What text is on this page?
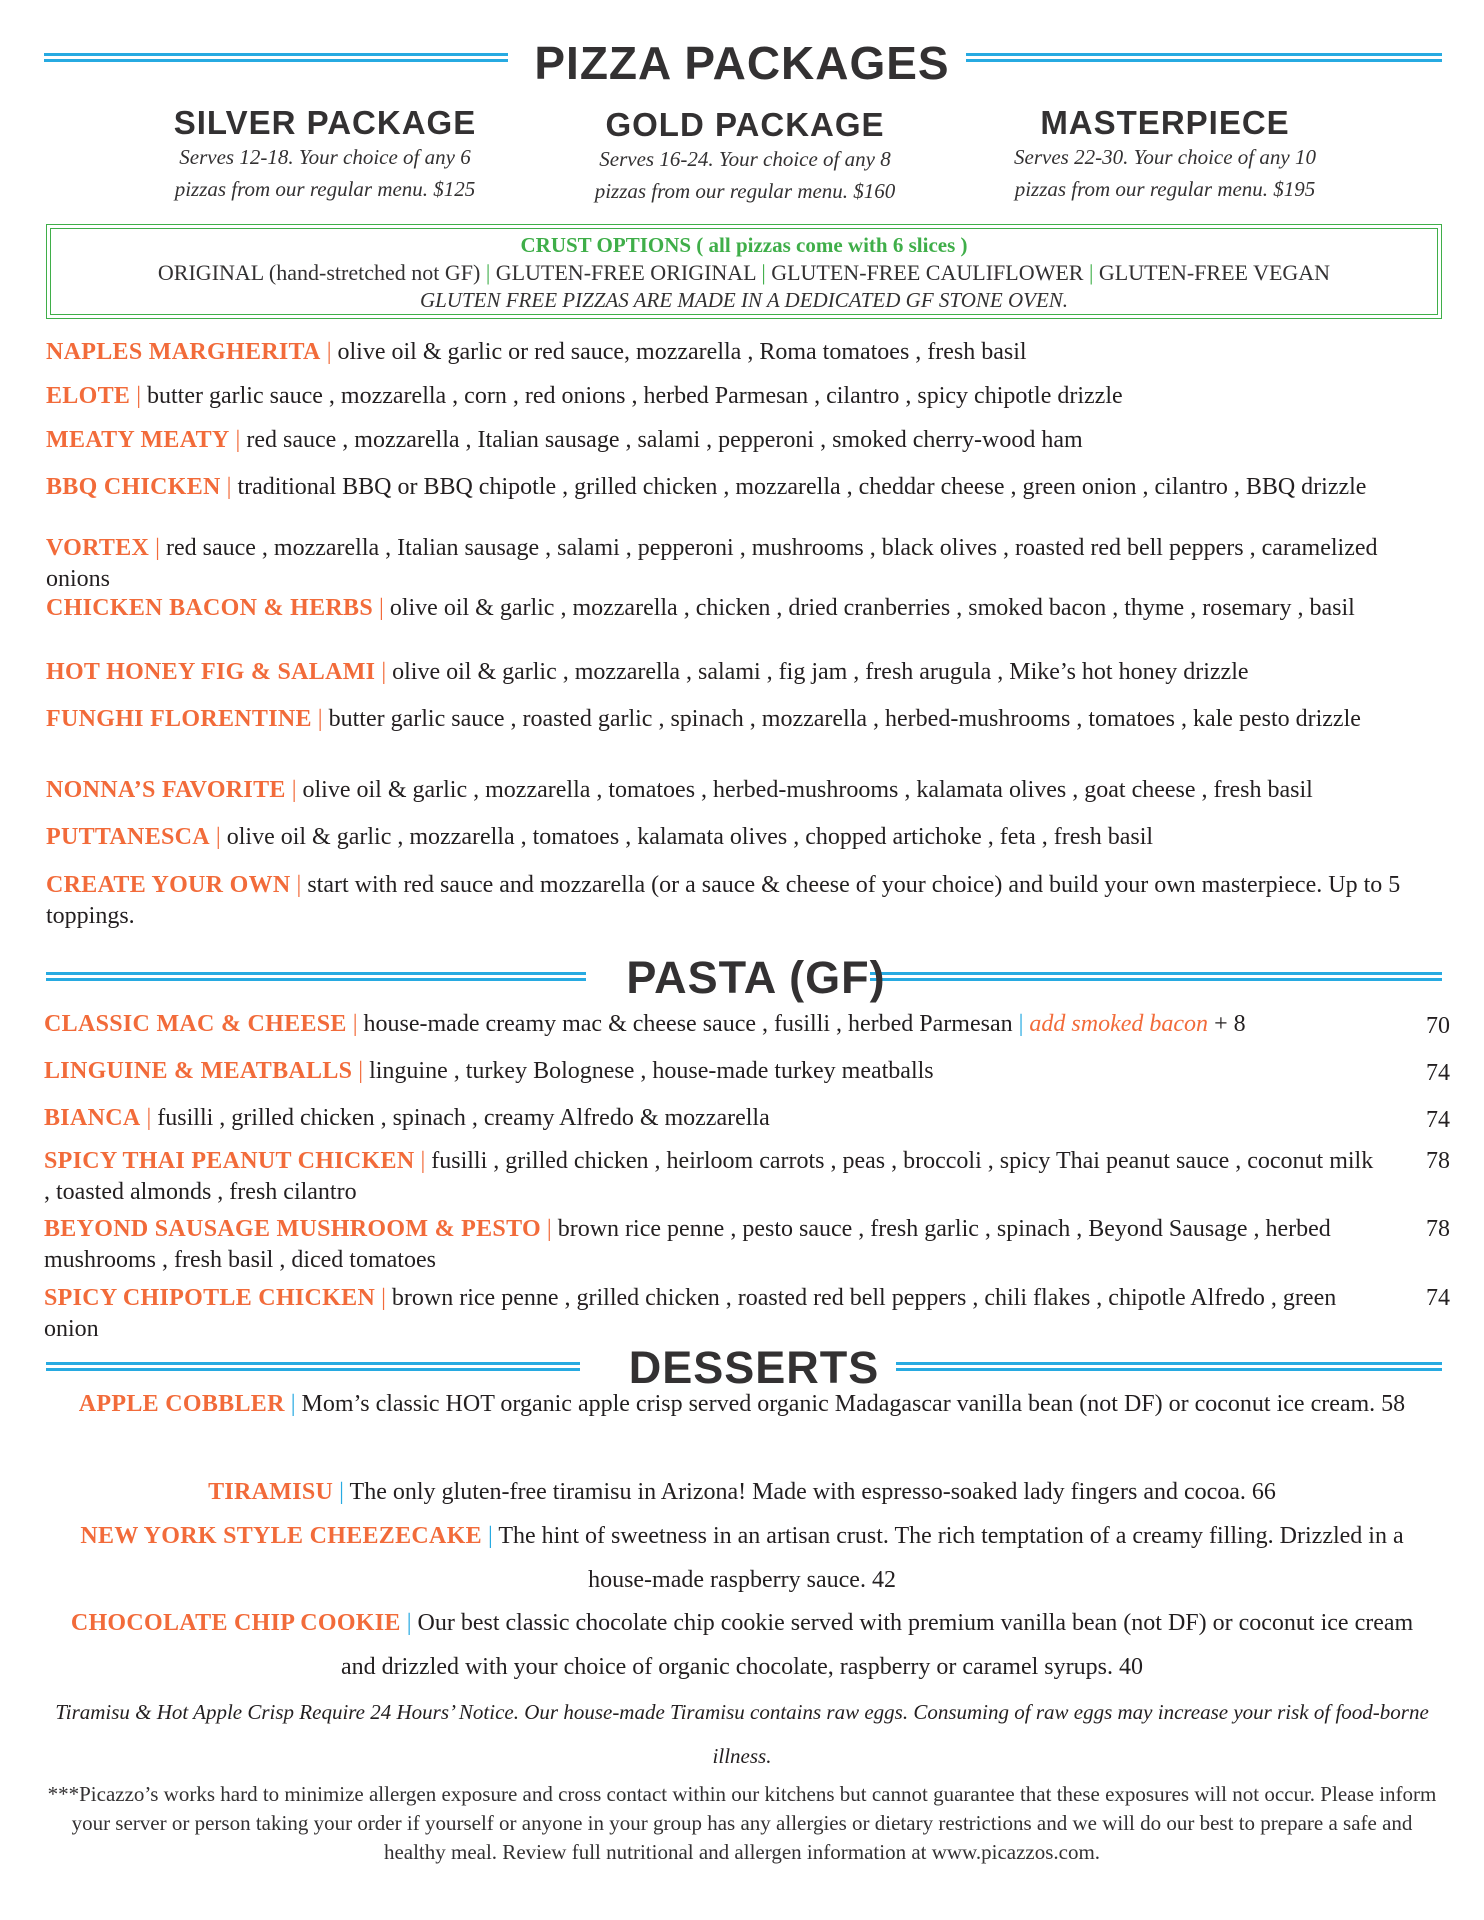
PIZZA PACKAGES
SILVER PACKAGE
Serves 12-18. Your choice of any 6
pizzas from our regular menu. $125
GOLD PACKAGE
Serves 16-24. Your choice of any 8
pizzas from our regular menu. $160
MASTERPIECE
Serves 22-30. Your choice of any 10
pizzas from our regular menu. $195
CRUST OPTIONS ( all pizzas come with 6 slices )
ORIGINAL (hand-stretched not GF) | GLUTEN-FREE ORIGINAL | GLUTEN-FREE CAULIFLOWER | GLUTEN-FREE VEGAN
GLUTEN FREE PIZZAS ARE MADE IN A DEDICATED GF STONE OVEN.
NAPLES MARGHERITA | olive oil & garlic or red sauce, mozzarella , Roma tomatoes , fresh basil
ELOTE | butter garlic sauce , mozzarella , corn , red onions , herbed Parmesan , cilantro , spicy chipotle drizzle
MEATY MEATY | red sauce , mozzarella , Italian sausage , salami , pepperoni , smoked cherry-wood ham
BBQ CHICKEN | traditional BBQ or BBQ chipotle , grilled chicken , mozzarella , cheddar cheese , green onion , cilantro , BBQ drizzle
VORTEX | red sauce , mozzarella , Italian sausage , salami , pepperoni , mushrooms , black olives , roasted red bell peppers , caramelized onions
CHICKEN BACON & HERBS | olive oil & garlic , mozzarella , chicken , dried cranberries , smoked bacon , thyme , rosemary , basil
HOT HONEY FIG & SALAMI | olive oil & garlic , mozzarella , salami , fig jam , fresh arugula , Mike’s hot honey drizzle
FUNGHI FLORENTINE | butter garlic sauce , roasted garlic , spinach , mozzarella , herbed-mushrooms , tomatoes , kale pesto drizzle
NONNA’S FAVORITE | olive oil & garlic , mozzarella , tomatoes , herbed-mushrooms , kalamata olives , goat cheese , fresh basil
PUTTANESCA | olive oil & garlic , mozzarella , tomatoes , kalamata olives , chopped artichoke , feta , fresh basil
CREATE YOUR OWN | start with red sauce and mozzarella (or a sauce & cheese of your choice) and build your own masterpiece. Up to 5 toppings.
PASTA (GF)
CLASSIC MAC & CHEESE | house-made creamy mac & cheese sauce , fusilli , herbed Parmesan | add smoked bacon + 8	70
LINGUINE & MEATBALLS | linguine , turkey Bolognese , house-made turkey meatballs	74
BIANCA | fusilli , grilled chicken , spinach , creamy Alfredo & mozzarella	74
SPICY THAI PEANUT CHICKEN | fusilli , grilled chicken , heirloom carrots , peas , broccoli , spicy Thai peanut sauce , coconut milk , toasted almonds , fresh cilantro
78
BEYOND SAUSAGE MUSHROOM & PESTO | brown rice penne , pesto sauce , fresh garlic , spinach , Beyond Sausage , herbed mushrooms , fresh basil , diced tomatoes
78
SPICY CHIPOTLE CHICKEN | brown rice penne , grilled chicken , roasted red bell peppers , chili flakes , chipotle Alfredo , green onion
74
DESSERTS
APPLE COBBLER | Mom’s classic HOT organic apple crisp served organic Madagascar vanilla bean (not DF) or coconut ice cream. 58
TIRAMISU | The only gluten-free tiramisu in Arizona! Made with espresso-soaked lady fingers and cocoa. 66
NEW YORK STYLE CHEEZECAKE | The hint of sweetness in an artisan crust. The rich temptation of a creamy filling. Drizzled in a house-made raspberry sauce. 42
CHOCOLATE CHIP COOKIE | Our best classic chocolate chip cookie served with premium vanilla bean (not DF) or coconut ice cream and drizzled with your choice of organic chocolate, raspberry or caramel syrups. 40
Tiramisu & Hot Apple Crisp Require 24 Hours’ Notice. Our house-made Tiramisu contains raw eggs. Consuming of raw eggs may increase your risk of food-borne illness.
***Picazzo’s works hard to minimize allergen exposure and cross contact within our kitchens but cannot guarantee that these exposures will not occur. Please inform your server or person taking your order if yourself or anyone in your group has any allergies or dietary restrictions and we will do our best to prepare a safe and healthy meal. Review full nutritional and allergen information at www.picazzos.com.
